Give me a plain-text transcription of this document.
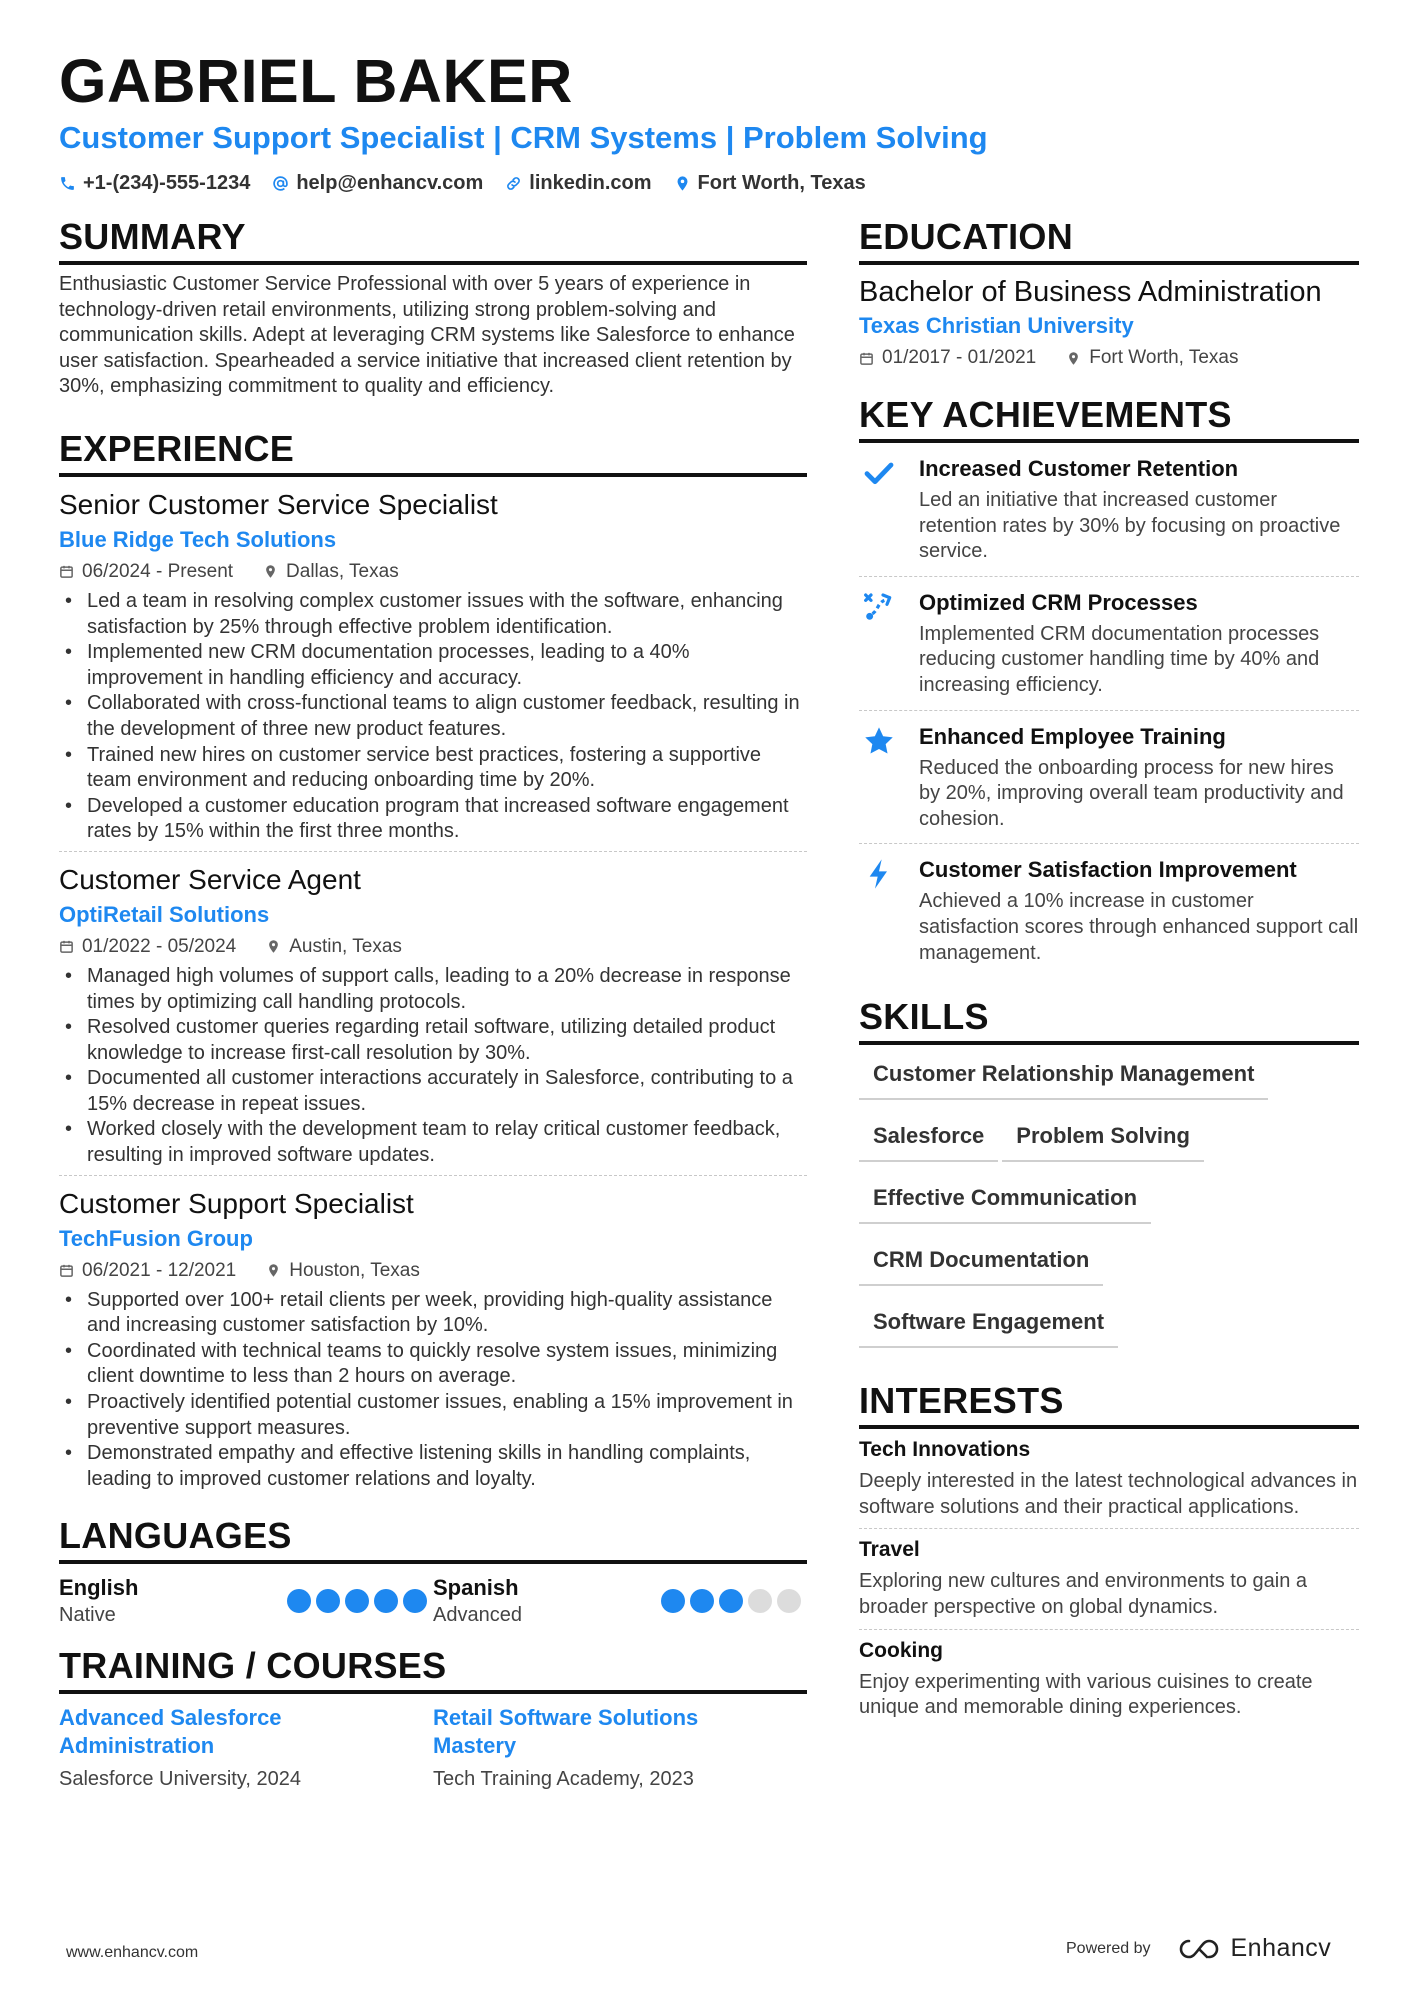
GABRIEL BAKER
Customer Support Specialist | CRM Systems | Problem Solving
+1-(234)-555-1234 help@enhancv.com linkedin.com Fort Worth, Texas
SUMMARY
Enthusiastic Customer Service Professional with over 5 years of experience in technology-driven retail environments, utilizing strong problem-solving and communication skills. Adept at leveraging CRM systems like Salesforce to enhance user satisfaction. Spearheaded a service initiative that increased client retention by 30%, emphasizing commitment to quality and efficiency.
EXPERIENCE
Senior Customer Service Specialist
Blue Ridge Tech Solutions
06/2024 - Present	Dallas, Texas
• Led a team in resolving complex customer issues with the software, enhancing satisfaction by 25% through effective problem identification.
• Implemented new CRM documentation processes, leading to a 40% improvement in handling efficiency and accuracy.
• Collaborated with cross-functional teams to align customer feedback, resulting in the development of three new product features.
• Trained new hires on customer service best practices, fostering a supportive team environment and reducing onboarding time by 20%.
• Developed a customer education program that increased software engagement rates by 15% within the first three months.
Customer Service Agent
OptiRetail Solutions
01/2022 - 05/2024	Austin, Texas
• Managed high volumes of support calls, leading to a 20% decrease in response times by optimizing call handling protocols.
• Resolved customer queries regarding retail software, utilizing detailed product knowledge to increase first-call resolution by 30%.
• Documented all customer interactions accurately in Salesforce, contributing to a 15% decrease in repeat issues.
• Worked closely with the development team to relay critical customer feedback, resulting in improved software updates.
Customer Support Specialist
TechFusion Group
06/2021 - 12/2021	Houston, Texas
• Supported over 100+ retail clients per week, providing high-quality assistance and increasing customer satisfaction by 10%.
• Coordinated with technical teams to quickly resolve system issues, minimizing client downtime to less than 2 hours on average.
• Proactively identified potential customer issues, enabling a 15% improvement in preventive support measures.
• Demonstrated empathy and effective listening skills in handling complaints, leading to improved customer relations and loyalty.
LANGUAGES
English
Native
Spanish
Advanced
TRAINING / COURSES
Advanced Salesforce Administration
Salesforce University, 2024
Retail Software Solutions Mastery
Tech Training Academy, 2023
EDUCATION
Bachelor of Business Administration
Texas Christian University
01/2017 - 01/2021	Fort Worth, Texas
KEY ACHIEVEMENTS
Increased Customer Retention
Led an initiative that increased customer retention rates by 30% by focusing on proactive service.
Optimized CRM Processes
Implemented CRM documentation processes reducing customer handling time by 40% and increasing efficiency.
Enhanced Employee Training
Reduced the onboarding process for new hires by 20%, improving overall team productivity and cohesion.
Customer Satisfaction Improvement
Achieved a 10% increase in customer satisfaction scores through enhanced support call management.
SKILLS
Customer Relationship Management
Salesforce	Problem Solving
Effective Communication
CRM Documentation
Software Engagement
INTERESTS
Tech Innovations
Deeply interested in the latest technological advances in software solutions and their practical applications.
Travel
Exploring new cultures and environments to gain a broader perspective on global dynamics.
Cooking
Enjoy experimenting with various cuisines to create unique and memorable dining experiences.
www.enhancv.com	Powered by	Enhancv
